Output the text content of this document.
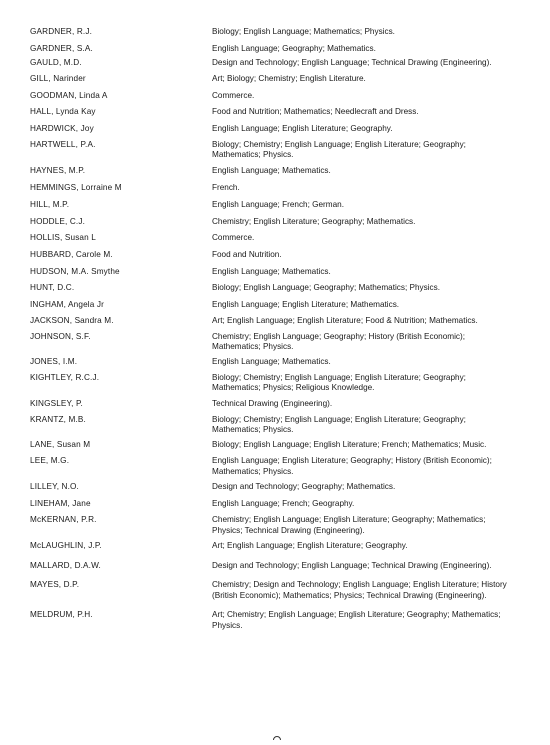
GARDNER, R.J.	Biology; English Language; Mathematics; Physics.
GARDNER, S.A.	English Language; Geography; Mathematics.
GAULD, M.D.	Design and Technology; English Language; Technical Drawing (Engineering).
GILL, Narinder	Art; Biology; Chemistry; English Literature.
GOODMAN, Linda A	Commerce.
HALL, Lynda Kay	Food and Nutrition; Mathematics; Needlecraft and Dress.
HARDWICK, Joy	English Language; English Literature; Geography.
HARTWELL, P.A.	Biology; Chemistry; English Language; English Literature; Geography; Mathematics; Physics.
HAYNES, M.P.	English Language; Mathematics.
HEMMINGS, Lorraine M	French.
HILL, M.P.	English Language; French; German.
HODDLE, C.J.	Chemistry; English Literature; Geography; Mathematics.
HOLLIS, Susan L	Commerce.
HUBBARD, Carole M.	Food and Nutrition.
HUDSON, M.A. Smythe	English Language; Mathematics.
HUNT, D.C.	Biology; English Language; Geography; Mathematics; Physics.
INGHAM, Angela Jr	English Language; English Literature; Mathematics.
JACKSON, Sandra M.	Art; English Language; English Literature; Food & Nutrition; Mathematics.
JOHNSON, S.F.	Chemistry; English Language; Geography; History (British Economic); Mathematics; Physics.
JONES, I.M.	English Language; Mathematics.
KIGHTLEY, R.C.J.	Biology; Chemistry; English Language; English Literature; Geography; Mathematics; Physics; Religious Knowledge.
KINGSLEY, P.	Technical Drawing (Engineering).
KRANTZ, M.B.	Biology; Chemistry; English Language; English Literature; Geography; Mathematics; Physics.
LANE, Susan M	Biology; English Language; English Literature; French; Mathematics; Music.
LEE, M.G.	English Language; English Literature; Geography; History (British Economic); Mathematics; Physics.
LILLEY, N.O.	Design and Technology; Geography; Mathematics.
LINEHAM, Jane	English Language; French; Geography.
McKERNAN, P.R.	Chemistry; English Language; English Literature; Geography; Mathematics; Physics; Technical Drawing (Engineering).
McLAUGHLIN, J.P.	Art; English Language; English Literature; Geography.
MALLARD, D.A.W.	Design and Technology; English Language; Technical Drawing (Engineering).
MAYES, D.P.	Chemistry; Design and Technology; English Language; English Literature; History (British Economic); Mathematics; Physics; Technical Drawing (Engineering).
MELDRUM, P.H.	Art; Chemistry; English Language; English Literature; Geography; Mathematics; Physics.
